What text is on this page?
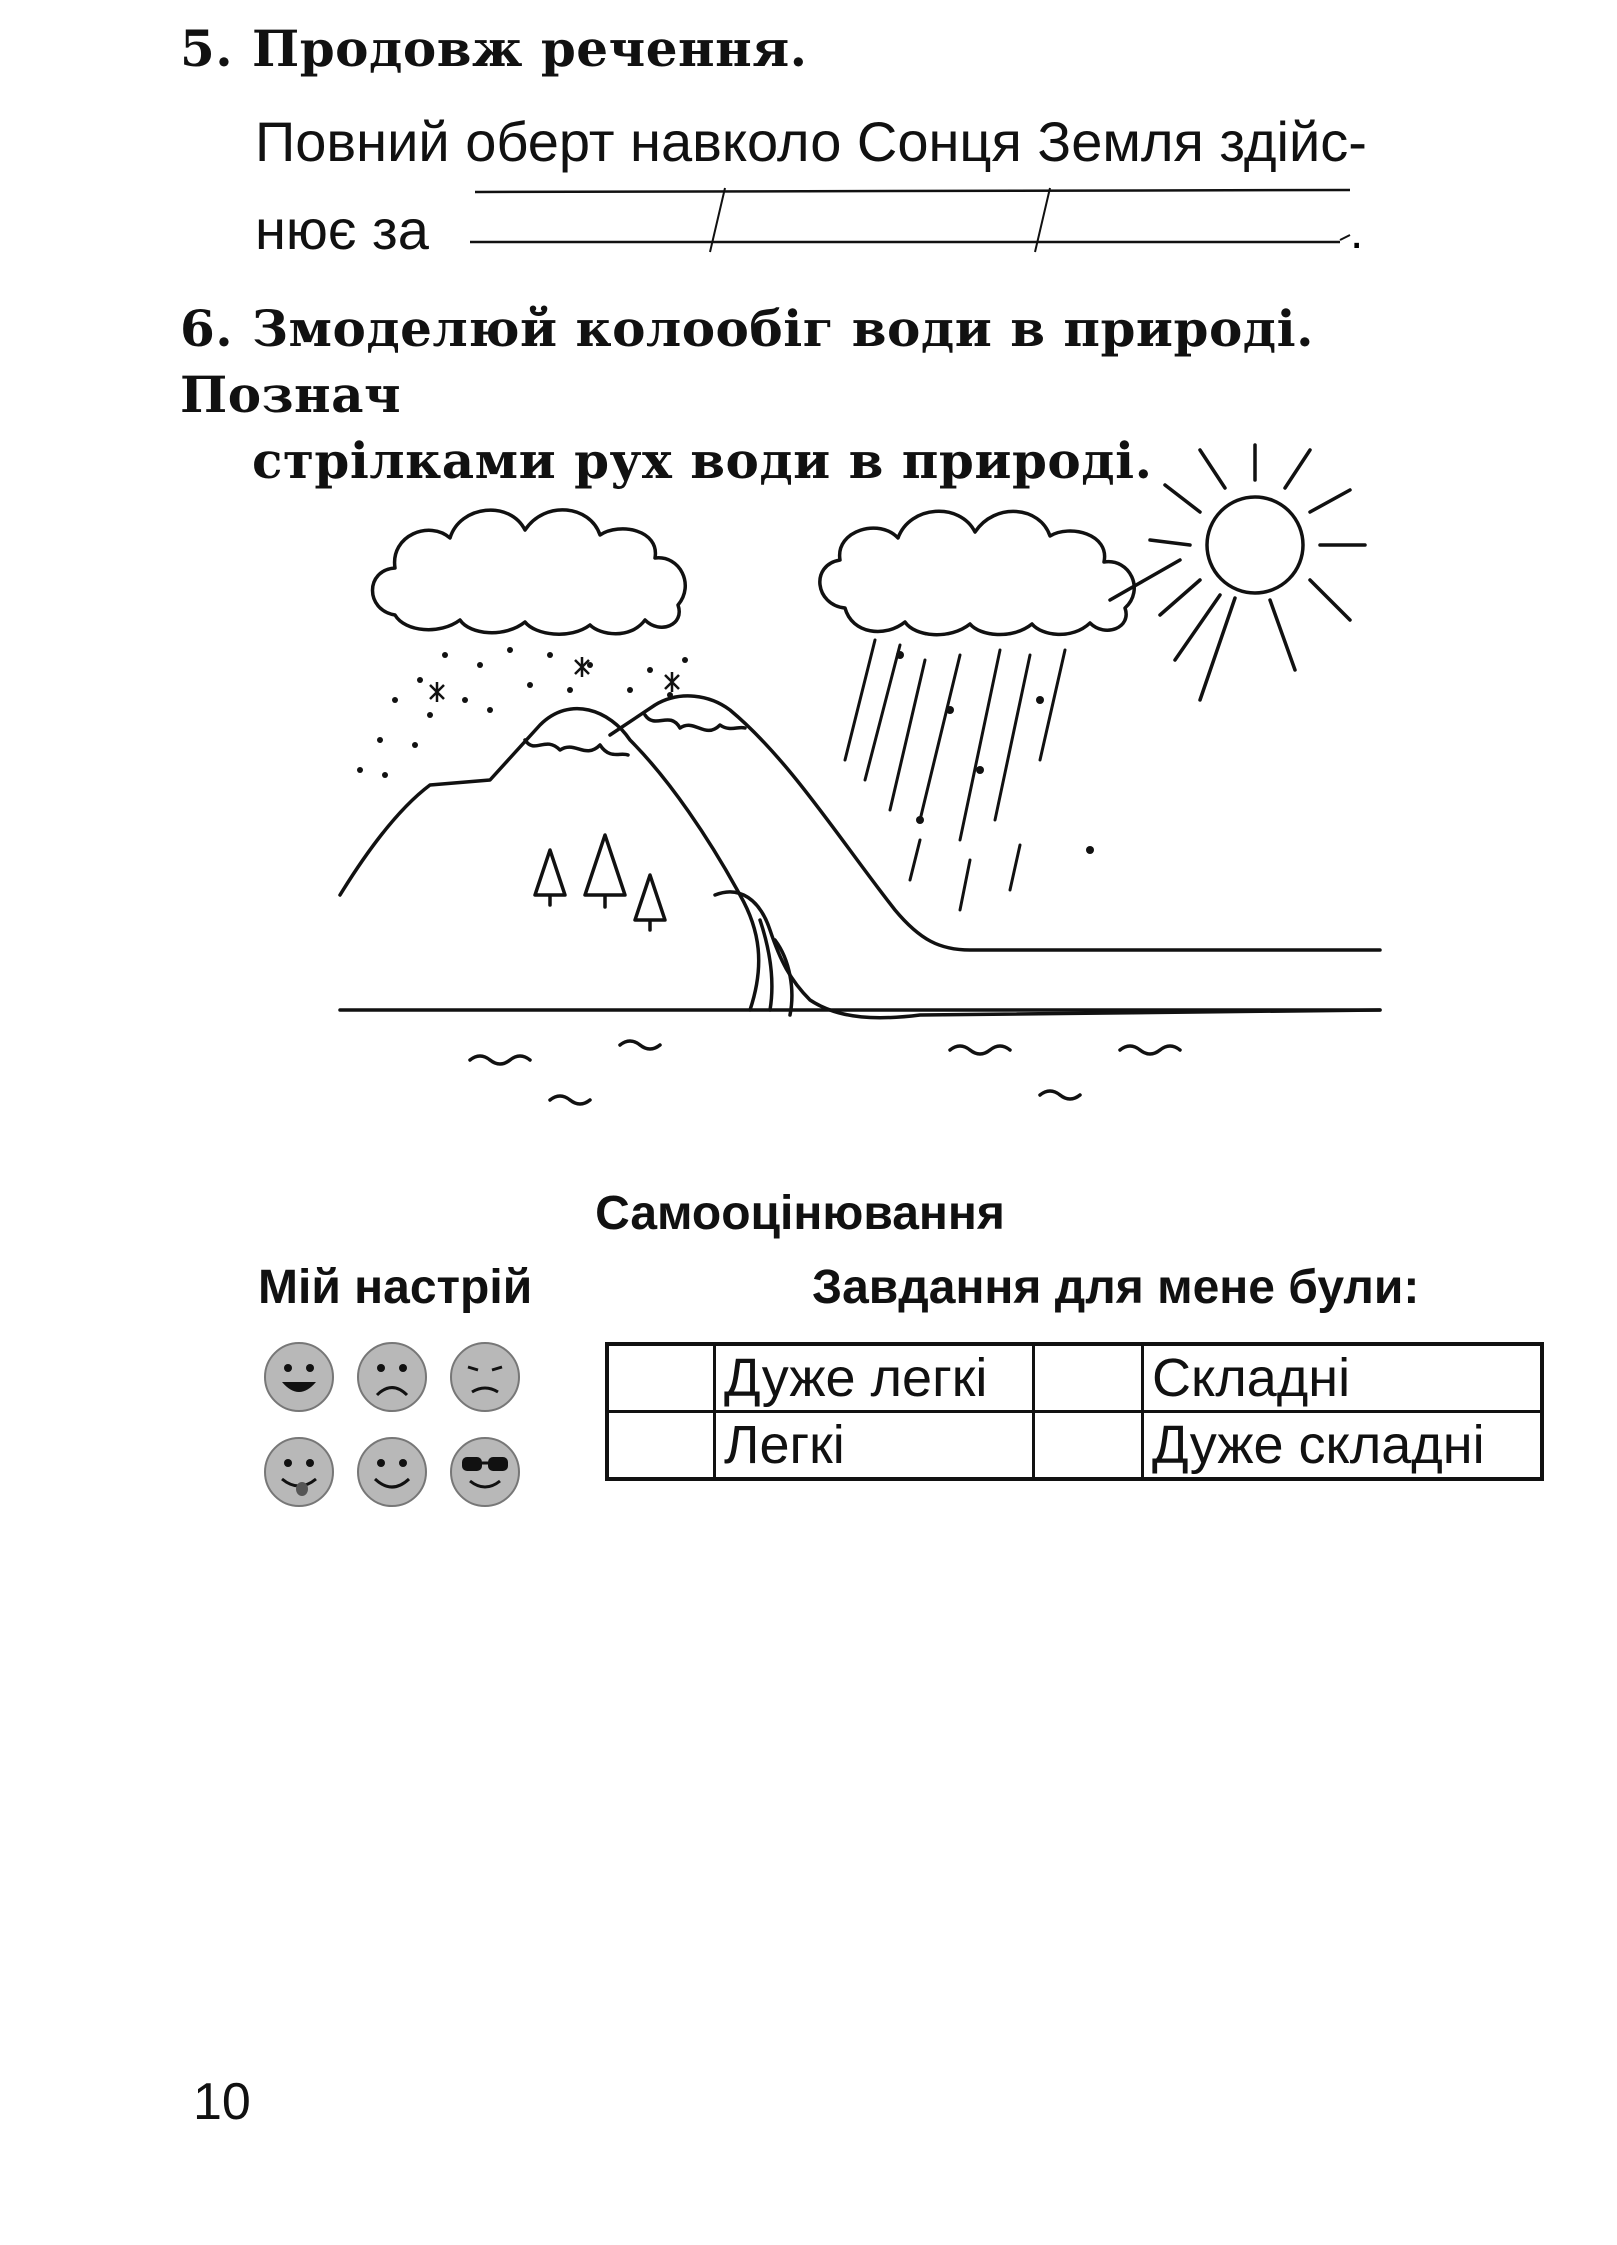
5. Продовж речення.
Повний оберт навколо Сонця Земля здійс-
нює за	.
6. Змоделюй колообіг води в природі. Познач
стрілками рух води в природі.
Самооцінювання
Мій настрій	Завдання для мене були:
	Дуже легкі		Складні
	Легкі		Дуже складні
10
